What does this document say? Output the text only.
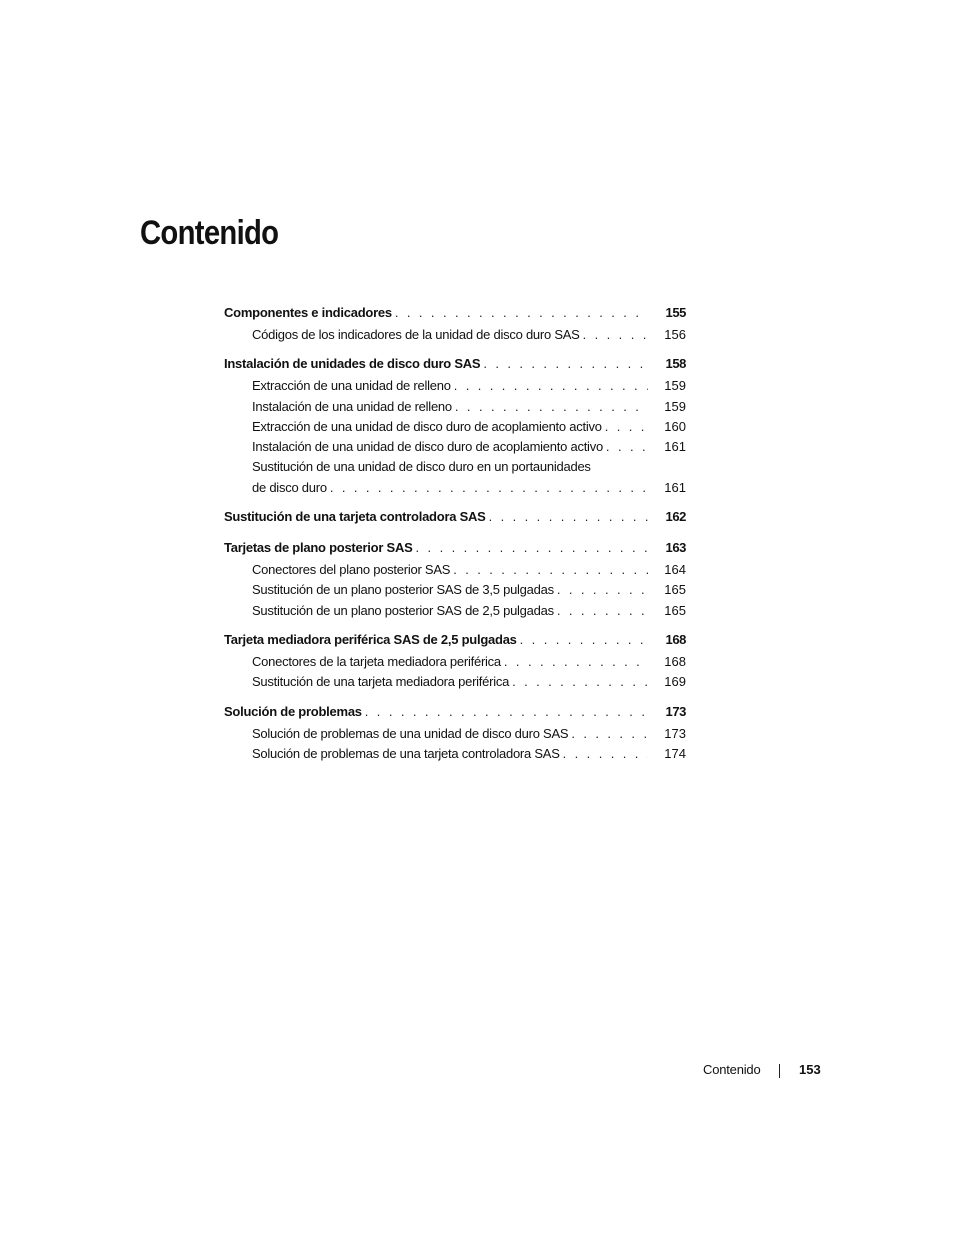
Contenido
Componentes e indicadores . . .	155
Códigos de los indicadores de la unidad de disco duro SAS . . .	156
Instalación de unidades de disco duro SAS . . .	158
Extracción de una unidad de relleno . . .	159
Instalación de una unidad de relleno . . .	159
Extracción de una unidad de disco duro de acoplamiento activo . . .	160
Instalación de una unidad de disco duro de acoplamiento activo . . .	161
Sustitución de una unidad de disco duro en un portaunidades
de disco duro . . .	161
Sustitución de una tarjeta controladora SAS . . .	162
Tarjetas de plano posterior SAS . . .	163
Conectores del plano posterior SAS . . .	164
Sustitución de un plano posterior SAS de 3,5 pulgadas . . .	165
Sustitución de un plano posterior SAS de 2,5 pulgadas . . .	165
Tarjeta mediadora periférica SAS de 2,5 pulgadas . . .	168
Conectores de la tarjeta mediadora periférica . . .	168
Sustitución de una tarjeta mediadora periférica . . .	169
Solución de problemas . . .	173
Solución de problemas de una unidad de disco duro SAS . . .	173
Solución de problemas de una tarjeta controladora SAS . . .	174
Contenido	153
